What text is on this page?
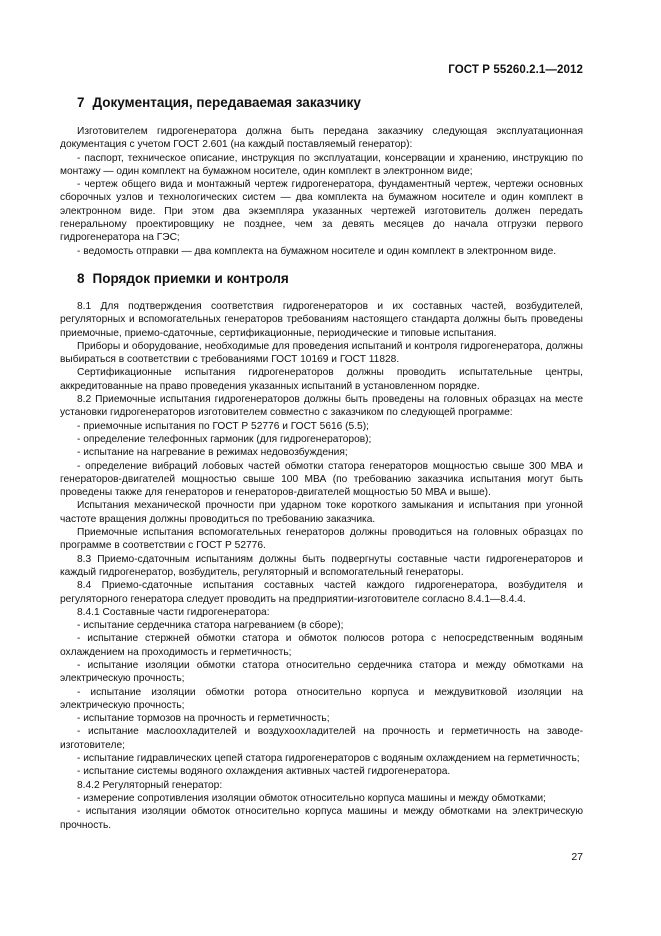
ГОСТ Р 55260.2.1—2012
7 Документация, передаваемая заказчику

Изготовителем гидрогенератора должна быть передана заказчику следующая эксплуатационная документация с учетом ГОСТ 2.601 (на каждый поставляемый генератор):

- паспорт, техническое описание, инструкция по эксплуатации, консервации и хранению, инструкцию по монтажу — один комплект на бумажном носителе, один комплект в электронном виде;

- чертеж общего вида и монтажный чертеж гидрогенератора, фундаментный чертеж, чертежи основных сборочных узлов и технологических систем — два комплекта на бумажном носителе и один комплект в электронном виде. При этом два экземпляра указанных чертежей изготовитель должен передать генеральному проектировщику не позднее, чем за девять месяцев до начала отгрузки первого гидрогенератора на ГЭС;

- ведомость отправки — два комплекта на бумажном носителе и один комплект в электронном виде.

8 Порядок приемки и контроля

8.1 Для подтверждения соответствия гидрогенераторов и их составных частей, возбудителей, регуляторных и вспомогательных генераторов требованиям настоящего стандарта должны быть проведены приемочные, приемо-сдаточные, сертификационные, периодические и типовые испытания.

Приборы и оборудование, необходимые для проведения испытаний и контроля гидрогенератора, должны выбираться в соответствии с требованиями ГОСТ 10169 и ГОСТ 11828.

Сертификационные испытания гидрогенераторов должны проводить испытательные центры, аккредитованные на право проведения указанных испытаний в установленном порядке.

8.2 Приемочные испытания гидрогенераторов должны быть проведены на головных образцах на месте установки гидрогенераторов изготовителем совместно с заказчиком по следующей программе:

- приемочные испытания по ГОСТ Р 52776 и ГОСТ 5616 (5.5);

- определение телефонных гармоник (для гидрогенераторов);

- испытание на нагревание в режимах недовозбуждения;

- определение вибраций лобовых частей обмотки статора генераторов мощностью свыше 300 МВА и генераторов-двигателей мощностью свыше 100 МВА (по требованию заказчика испытания могут быть проведены также для генераторов и генераторов-двигателей мощностью 50 МВА и выше).

Испытания механической прочности при ударном токе короткого замыкания и испытания при угонной частоте вращения должны проводиться по требованию заказчика.

Приемочные испытания вспомогательных генераторов должны проводиться на головных образцах по программе в соответствии с ГОСТ Р 52776.

8.3 Приемо-сдаточным испытаниям должны быть подвергнуты составные части гидрогенераторов и каждый гидрогенератор, возбудитель, регуляторный и вспомогательный генераторы.

8.4 Приемо-сдаточные испытания составных частей каждого гидрогенератора, возбудителя и регуляторного генератора следует проводить на предприятии-изготовителе согласно 8.4.1—8.4.4.

8.4.1 Составные части гидрогенератора:

- испытание сердечника статора нагреванием (в сборе);

- испытание стержней обмотки статора и обмоток полюсов ротора с непосредственным водяным охлаждением на проходимость и герметичность;

- испытание изоляции обмотки статора относительно сердечника статора и между обмотками на электрическую прочность;

- испытание изоляции обмотки ротора относительно корпуса и междувитковой изоляции на электрическую прочность;

- испытание тормозов на прочность и герметичность;

- испытание маслоохладителей и воздухоохладителей на прочность и герметичность на заводе-изготовителе;

- испытание гидравлических цепей статора гидрогенераторов с водяным охлаждением на герметичность;

- испытание системы водяного охлаждения активных частей гидрогенератора.

8.4.2 Регуляторный генератор:

- измерение сопротивления изоляции обмоток относительно корпуса машины и между обмотками;

- испытания изоляции обмоток относительно корпуса машины и между обмотками на электрическую прочность.

27
